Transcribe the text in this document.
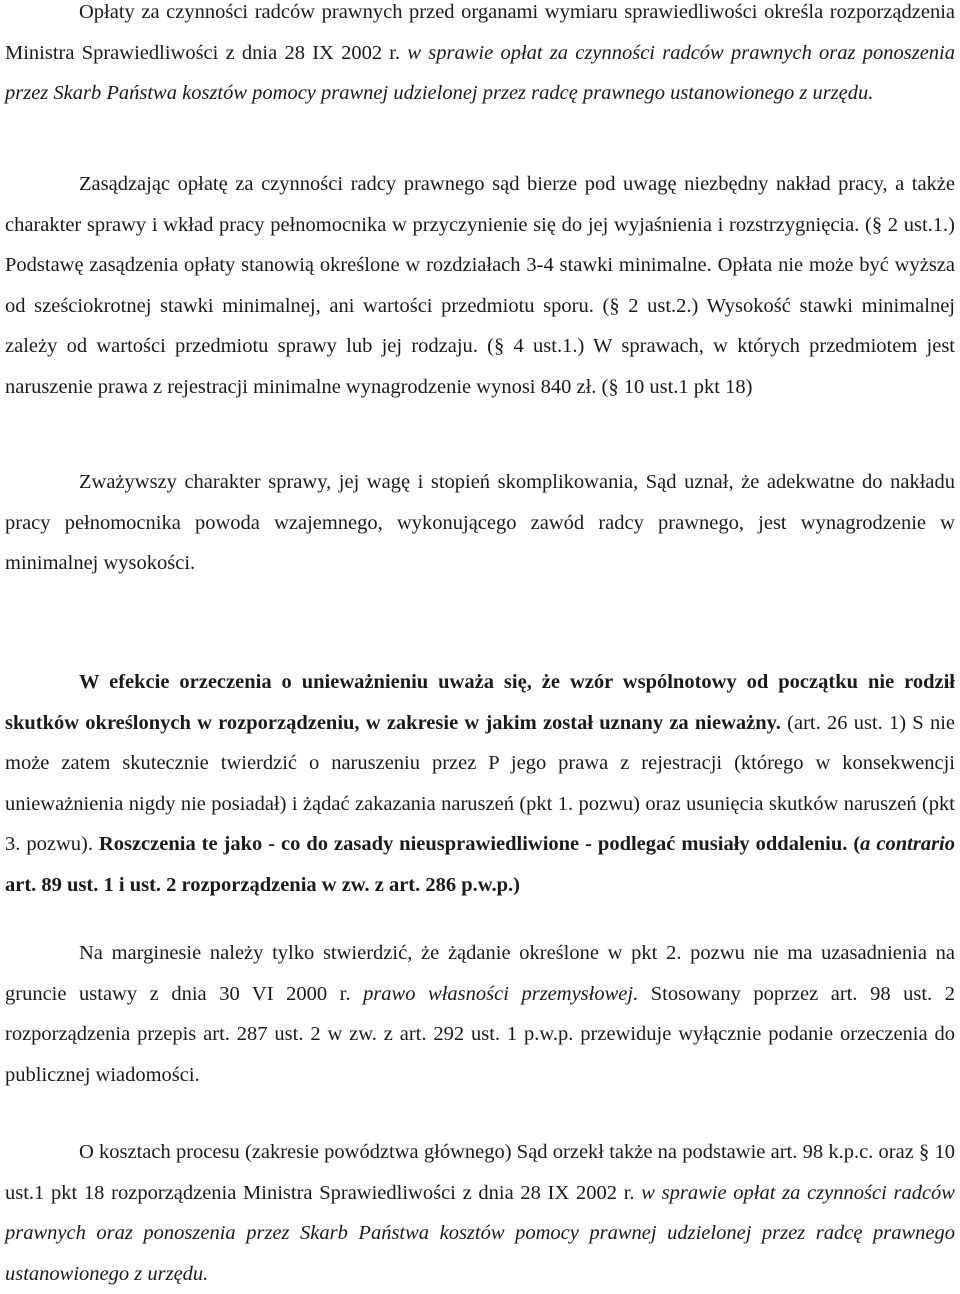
Opłaty za czynności radców prawnych przed organami wymiaru sprawiedliwości określa rozporządzenia Ministra Sprawiedliwości z dnia 28 IX 2002 r. w sprawie opłat za czynności radców prawnych oraz ponoszenia przez Skarb Państwa kosztów pomocy prawnej udzielonej przez radcę prawnego ustanowionego z urzędu.

Zasądzając opłatę za czynności radcy prawnego sąd bierze pod uwagę niezbędny nakład pracy, a także charakter sprawy i wkład pracy pełnomocnika w przyczynienie się do jej wyjaśnienia i rozstrzygnięcia. (§ 2 ust.1.) Podstawę zasądzenia opłaty stanowią określone w rozdziałach 3-4 stawki minimalne. Opłata nie może być wyższa od sześciokrotnej stawki minimalnej, ani wartości przedmiotu sporu. (§ 2 ust.2.) Wysokość stawki minimalnej zależy od wartości przedmiotu sprawy lub jej rodzaju. (§ 4 ust.1.) W sprawach, w których przedmiotem jest naruszenie prawa z rejestracji minimalne wynagrodzenie wynosi 840 zł. (§ 10 ust.1 pkt 18)

Zważywszy charakter sprawy, jej wagę i stopień skomplikowania, Sąd uznał, że adekwatne do nakładu pracy pełnomocnika powoda wzajemnego, wykonującego zawód radcy prawnego, jest wynagrodzenie w minimalnej wysokości.

W efekcie orzeczenia o unieważnieniu uważa się, że wzór wspólnotowy od początku nie rodził skutków określonych w rozporządzeniu, w zakresie w jakim został uznany za nieważny. (art. 26 ust. 1) S nie może zatem skutecznie twierdzić o naruszeniu przez P jego prawa z rejestracji (którego w konsekwencji unieważnienia nigdy nie posiadał) i żądać zakazania naruszeń (pkt 1. pozwu) oraz usunięcia skutków naruszeń (pkt 3. pozwu). Roszczenia te jako - co do zasady nieusprawiedliwione - podlegać musiały oddaleniu. (a contrario art. 89 ust. 1 i ust. 2 rozporządzenia w zw. z art. 286 p.w.p.)

Na marginesie należy tylko stwierdzić, że żądanie określone w pkt 2. pozwu nie ma uzasadnienia na gruncie ustawy z dnia 30 VI 2000 r. prawo własności przemysłowej. Stosowany poprzez art. 98 ust. 2 rozporządzenia przepis art. 287 ust. 2 w zw. z art. 292 ust. 1 p.w.p. przewiduje wyłącznie podanie orzeczenia do publicznej wiadomości.

O kosztach procesu (zakresie powództwa głównego) Sąd orzekł także na podstawie art. 98 k.p.c. oraz § 10 ust.1 pkt 18 rozporządzenia Ministra Sprawiedliwości z dnia 28 IX 2002 r. w sprawie opłat za czynności radców prawnych oraz ponoszenia przez Skarb Państwa kosztów pomocy prawnej udzielonej przez radcę prawnego ustanowionego z urzędu.
